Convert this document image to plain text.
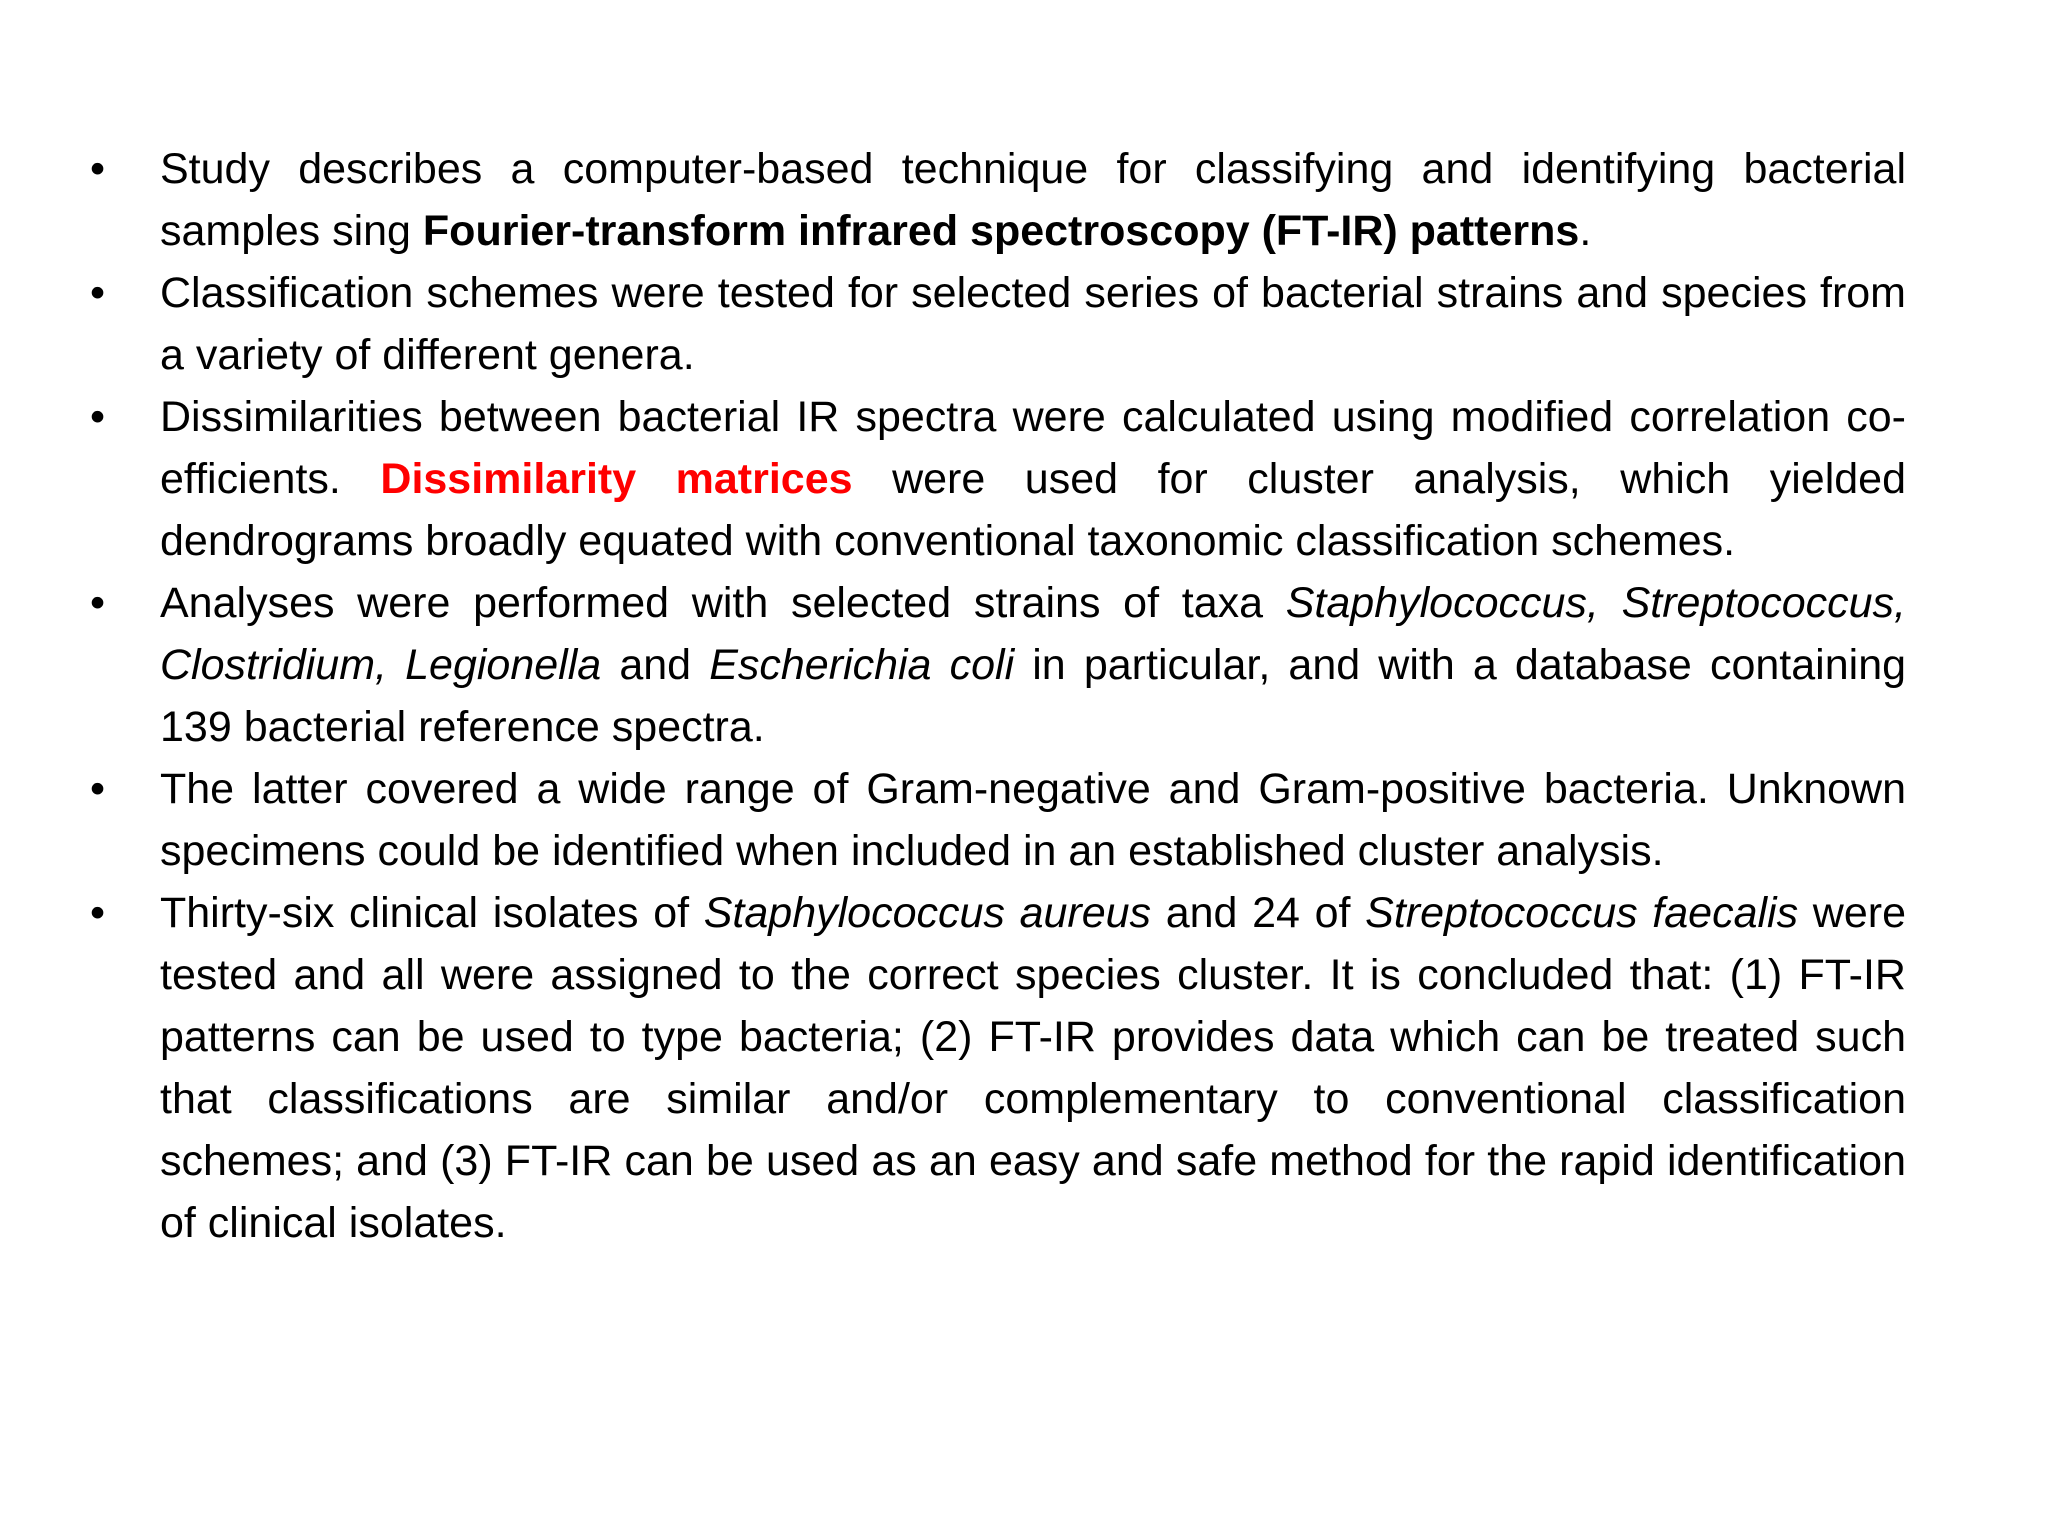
•	Study describes a computer-based technique for classifying and identifying bacterial samples sing Fourier-transform infrared spectroscopy (FT-IR) patterns.
•	Classification schemes were tested for selected series of bacterial strains and species from a variety of different genera.
•	Dissimilarities between bacterial IR spectra were calculated using modified correlation co-efficients. Dissimilarity matrices were used for cluster analysis, which yielded dendrograms broadly equated with conventional taxonomic classification schemes.
•	Analyses were performed with selected strains of taxa Staphylococcus, Streptococcus, Clostridium, Legionella and Escherichia coli in particular, and with a database containing 139 bacterial reference spectra.
•	The latter covered a wide range of Gram-negative and Gram-positive bacteria. Unknown specimens could be identified when included in an established cluster analysis.
•	Thirty-six clinical isolates of Staphylococcus aureus and 24 of Streptococcus faecalis were tested and all were assigned to the correct species cluster. It is concluded that: (1) FT-IR patterns can be used to type bacteria; (2) FT-IR provides data which can be treated such that classifications are similar and/or complementary to conventional classification schemes; and (3) FT-IR can be used as an easy and safe method for the rapid identification of clinical isolates.
